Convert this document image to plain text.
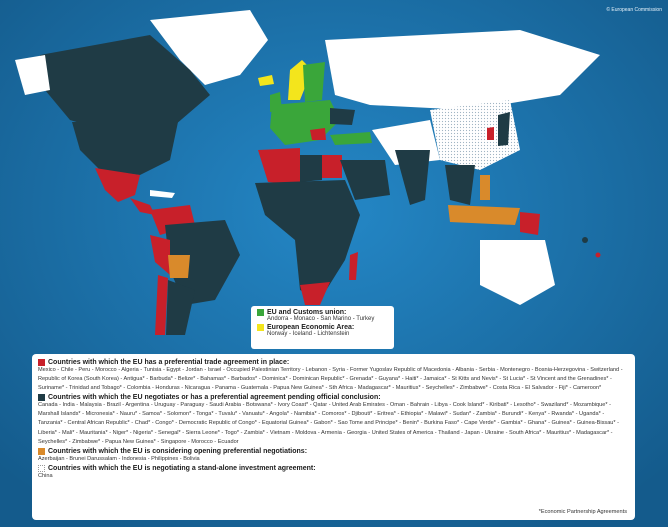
© European Commission
EU and Customs union:
Andorra - Monaco - San Marino - Turkey
European Economic Area:
Norway - Iceland - Lichtenstein
Countries with which the EU has a preferential trade agreement in place:
Mexico - Chile - Peru - Morocco - Algeria - Tunisia - Egypt - Jordan - Israel - Occupied Palestinian Territory - Lebanon - Syria - Former Yugoslav Republic of Macedonia - Albania - Serbia - Montenegro - Bosnia-Herzegovina - Switzerland - Republic of Korea (South Korea) - Antigua* - Barbuda* - Belize* - Bahamas* - Barbados* - Dominica* - Dominican Republic* - Grenada* - Guyana* - Haiti* - Jamaica* - St Kitts and Nevis* - St Lucia* - St Vincent and the Grenadines* - Suriname* - Trinidad and Tobago* - Colombia - Honduras - Nicaragua - Panama - Guatemala - Papua New Guinea* - Sth Africa - Madagascar* - Mauritius* - Seychelles* - Zimbabwe* - Costa Rica - El Salvador - Fiji* - Cameroon*
Countries with which the EU negotiates or has a preferential agreement pending official conclusion:
Canada - India - Malaysia - Brazil - Argentina - Uruguay - Paraguay - Saudi Arabia - Botswana* - Ivory Coast* - Qatar - United Arab Emirates - Oman - Bahrain - Libya - Cook Island* - Kiribati* - Lesotho* - Swaziland* - Mozambique* - Marshall Islands* - Micronesia* - Nauru* - Samoa* - Solomon* - Tonga* - Tuvalu* - Vanuatu* - Angola* - Namibia* - Comoros* - Djibouti* - Eritrea* - Ethiopia* - Malawi* - Sudan* - Zambia* - Burundi* - Kenya* - Rwanda* - Uganda* - Tanzania* - Central African Republic* - Chad* - Congo* - Democratic Republic of Congo* - Equatorial Guinea* - Gabon* - Sao Tome and Principe* - Benin* - Burkina Faso* - Cape Verde* - Gambia* - Ghana* - Guinea* - Guinea-Bissau* - Liberia* - Mali* - Mauritania* - Niger* - Nigeria* - Senegal* - Sierra Leone* - Togo* - Zambia* - Vietnam - Moldova - Armenia - Georgia - United States of America - Thailand - Japan - Ukraine - South Africa* - Mauritius* - Madagascar* - Seychelles* - Zimbabwe* - Papua New Guinea* - Singapore - Morocco - Ecuador
Countries with which the EU is considering opening preferential negotiations:
Azerbaijan - Brunei Darussalam - Indonesia - Philippines - Bolivia
Countries with which the EU is negotiating a stand-alone investment agreement:
China
*Economic Partnership Agreements
